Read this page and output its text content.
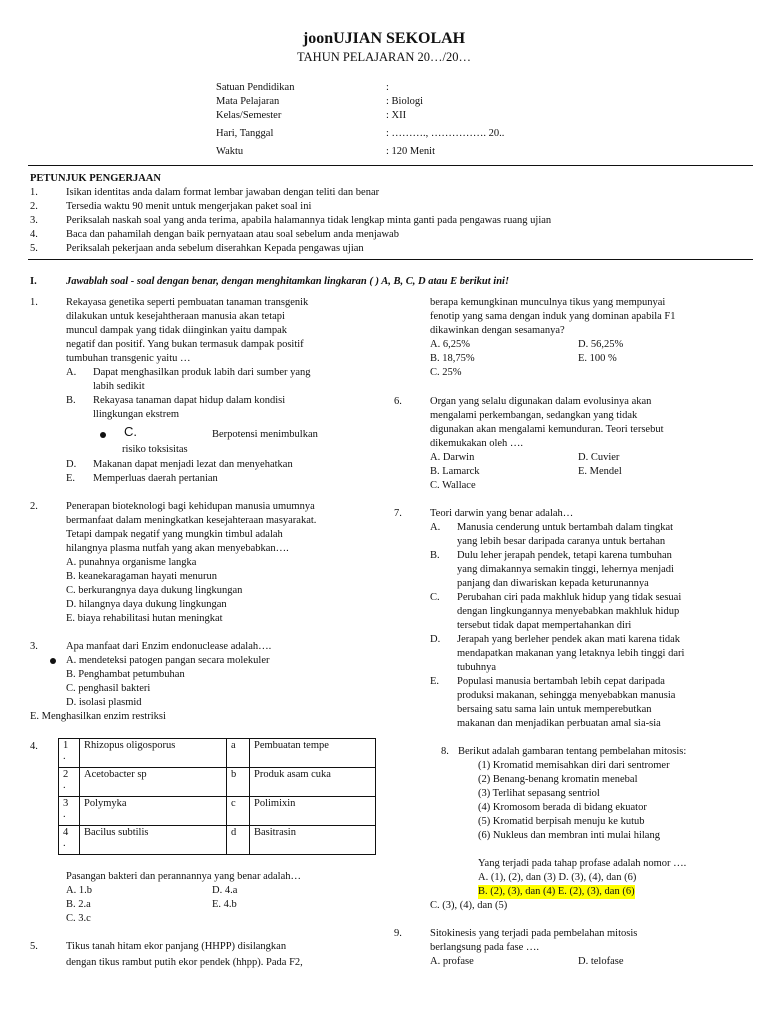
joonUJIAN SEKOLAH
TAHUN PELAJARAN 20…/20…
Satuan Pendidikan	:
Mata Pelajaran	: Biologi
Kelas/Semester	: XII
Hari, Tanggal	: ………., ……………. 20..
Waktu	: 120 Menit
PETUNJUK PENGERJAAN
1.	Isikan identitas anda dalam format lembar jawaban dengan teliti dan benar
2.	Tersedia waktu 90 menit untuk mengerjakan paket soal ini
3.	Periksalah naskah soal yang anda terima, apabila halamannya tidak lengkap minta ganti pada pengawas ruang ujian
4.	Baca dan pahamilah dengan baik pernyataan atau soal sebelum anda menjawab
5.	Periksalah pekerjaan anda sebelum diserahkan Kepada pengawas ujian
I.	Jawablah soal - soal dengan benar, dengan menghitamkan lingkaran ( ) A, B, C, D atau E berikut ini!
1.	Rekayasa genetika seperti pembuatan tanaman transgenik
dilakukan untuk kesejahtheraan manusia akan tetapi
muncul dampak yang tidak diinginkan yaitu dampak
negatif dan positif. Yang bukan termasuk dampak positif
tumbuhan transgenic yaitu …
A. Dapat menghasilkan produk labih dari sumber yang
labih sedikit
B. Rekayasa tanaman dapat hidup dalam kondisi
llingkungan ekstrem
C.	Berpotensi menimbulkan
risiko toksisitas
D. Makanan dapat menjadi lezat dan menyehatkan
E. Memperluas daerah pertanian
2.	Penerapan bioteknologi bagi kehidupan manusia umumnya
bermanfaat dalam meningkatkan kesejahteraan masyarakat.
Tetapi dampak negatif yang mungkin timbul adalah
hilangnya plasma nutfah yang akan menyebabkan….
A. punahnya organisme langka
B. keanekaragaman hayati menurun
C. berkurangnya daya dukung lingkungan
D. hilangnya daya dukung lingkungan
E. biaya rehabilitasi hutan meningkat
3.	Apa manfaat dari Enzim endonuclease adalah….
A. mendeteksi patogen pangan secara molekuler
B. Penghambat petumbuhan
C. penghasil bakteri
D. isolasi plasmid
E. Menghasilkan enzim restriksi
4. 1
.	Rhizopus oligosporus	a	Pembuatan tempe
2
.	Acetobacter sp	b	Produk asam cuka
3
.	Polymyka	c	Polimixin
4
.	Bacilus subtilis	d	Basitrasin
Pasangan bakteri dan perannannya yang benar adalah…
A. 1.b	D. 4.a
B. 2.a	E. 4.b
C. 3.c
5.	Tikus tanah hitam ekor panjang (HHPP) disilangkan
dengan tikus rambut putih ekor pendek (hhpp). Pada F2,
berapa kemungkinan munculnya tikus yang mempunyai
fenotip yang sama dengan induk yang dominan apabila F1
dikawinkan dengan sesamanya?
A. 6,25%	D. 56,25%
B. 18,75%	E. 100 %
C. 25%
6.	Organ yang selalu digunakan dalam evolusinya akan
mengalami perkembangan, sedangkan yang tidak
digunakan akan mengalami kemunduran. Teori tersebut
dikemukakan oleh ….
A. Darwin	D. Cuvier
B. Lamarck	E. Mendel
C. Wallace
7.	Teori darwin yang benar adalah…
A. Manusia cenderung untuk bertambah dalam tingkat
yang lebih besar daripada caranya untuk bertahan
B. Dulu leher jerapah pendek, tetapi karena tumbuhan
yang dimakannya semakin tinggi, lehernya menjadi
panjang dan diwariskan kepada keturunannya
C. Perubahan ciri pada makhluk hidup yang tidak sesuai
dengan lingkungannya menyebabkan makhluk hidup
tersebut tidak dapat mempertahankan diri
D. Jerapah yang berleher pendek akan mati karena tidak
mendapatkan makanan yang letaknya lebih tinggi dari
tubuhnya
E. Populasi manusia bertambah lebih cepat daripada
produksi makanan, sehingga menyebabkan manusia
bersaing satu sama lain untuk memperebutkan
makanan dan menjadikan perbuatan amal sia-sia
8. Berikut adalah gambaran tentang pembelahan mitosis:
(1) Kromatid memisahkan diri dari sentromer
(2) Benang-benang kromatin menebal
(3) Terlihat sepasang sentriol
(4) Kromosom berada di bidang ekuator
(5) Kromatid berpisah menuju ke kutub
(6) Nukleus dan membran inti mulai hilang
Yang terjadi pada tahap profase adalah nomor ….
A. (1), (2), dan (3) D. (3), (4), dan (6)
B. (2), (3), dan (4) E. (2), (3), dan (6)
C. (3), (4), dan (5)
9.	Sitokinesis yang terjadi pada pembelahan mitosis
berlangsung pada fase ….
A. profase	D. telofase
